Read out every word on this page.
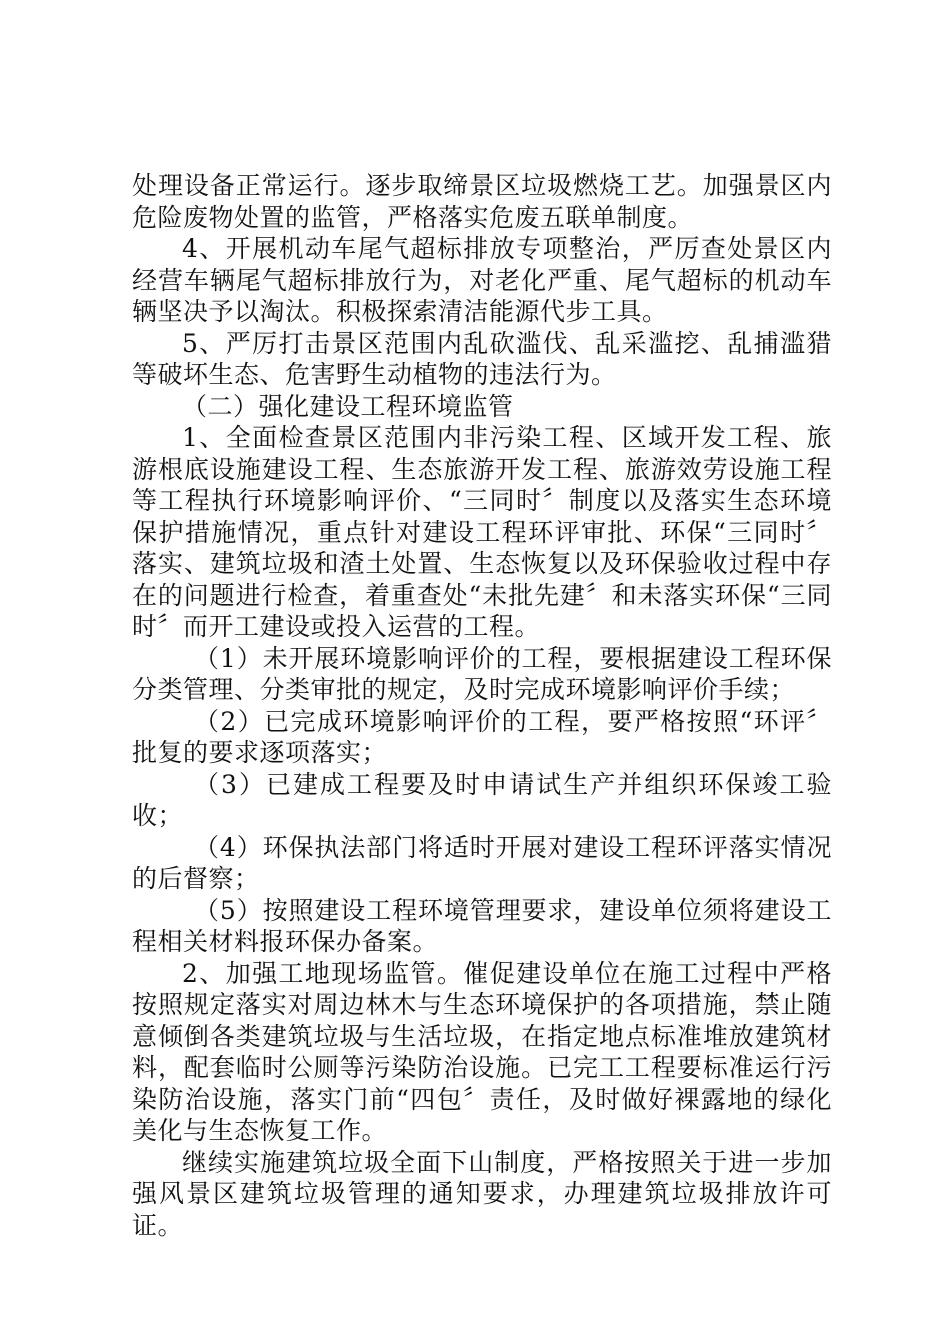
处理设备正常运行。逐步取缔景区垃圾燃烧工艺。加强景区内危险废物处置的监管，严格落实危废五联单制度。

4、开展机动车尾气超标排放专项整治，严厉查处景区内经营车辆尾气超标排放行为，对老化严重、尾气超标的机动车辆坚决予以淘汰。积极探索清洁能源代步工具。

5、严厉打击景区范围内乱砍滥伐、乱采滥挖、乱捕滥猎等破坏生态、危害野生动植物的违法行为。

（二）强化建设工程环境监管

1、全面检查景区范围内非污染工程、区域开发工程、旅游根底设施建设工程、生态旅游开发工程、旅游效劳设施工程等工程执行环境影响评价、“三同时〞制度以及落实生态环境保护措施情况，重点针对建设工程环评审批、环保“三同时〞落实、建筑垃圾和渣土处置、生态恢复以及环保验收过程中存在的问题进行检查，着重查处“未批先建〞和未落实环保“三同时〞而开工建设或投入运营的工程。

（1）未开展环境影响评价的工程，要根据建设工程环保分类管理、分类审批的规定，及时完成环境影响评价手续；

（2）已完成环境影响评价的工程，要严格按照“环评〞批复的要求逐项落实；

（3）已建成工程要及时申请试生产并组织环保竣工验收；

（4）环保执法部门将适时开展对建设工程环评落实情况的后督察；

（5）按照建设工程环境管理要求，建设单位须将建设工程相关材料报环保办备案。

2、加强工地现场监管。催促建设单位在施工过程中严格按照规定落实对周边林木与生态环境保护的各项措施，禁止随意倾倒各类建筑垃圾与生活垃圾，在指定地点标准堆放建筑材料，配套临时公厕等污染防治设施。已完工工程要标准运行污染防治设施，落实门前“四包〞责任，及时做好裸露地的绿化美化与生态恢复工作。

继续实施建筑垃圾全面下山制度，严格按照关于进一步加强风景区建筑垃圾管理的通知要求，办理建筑垃圾排放许可证。
